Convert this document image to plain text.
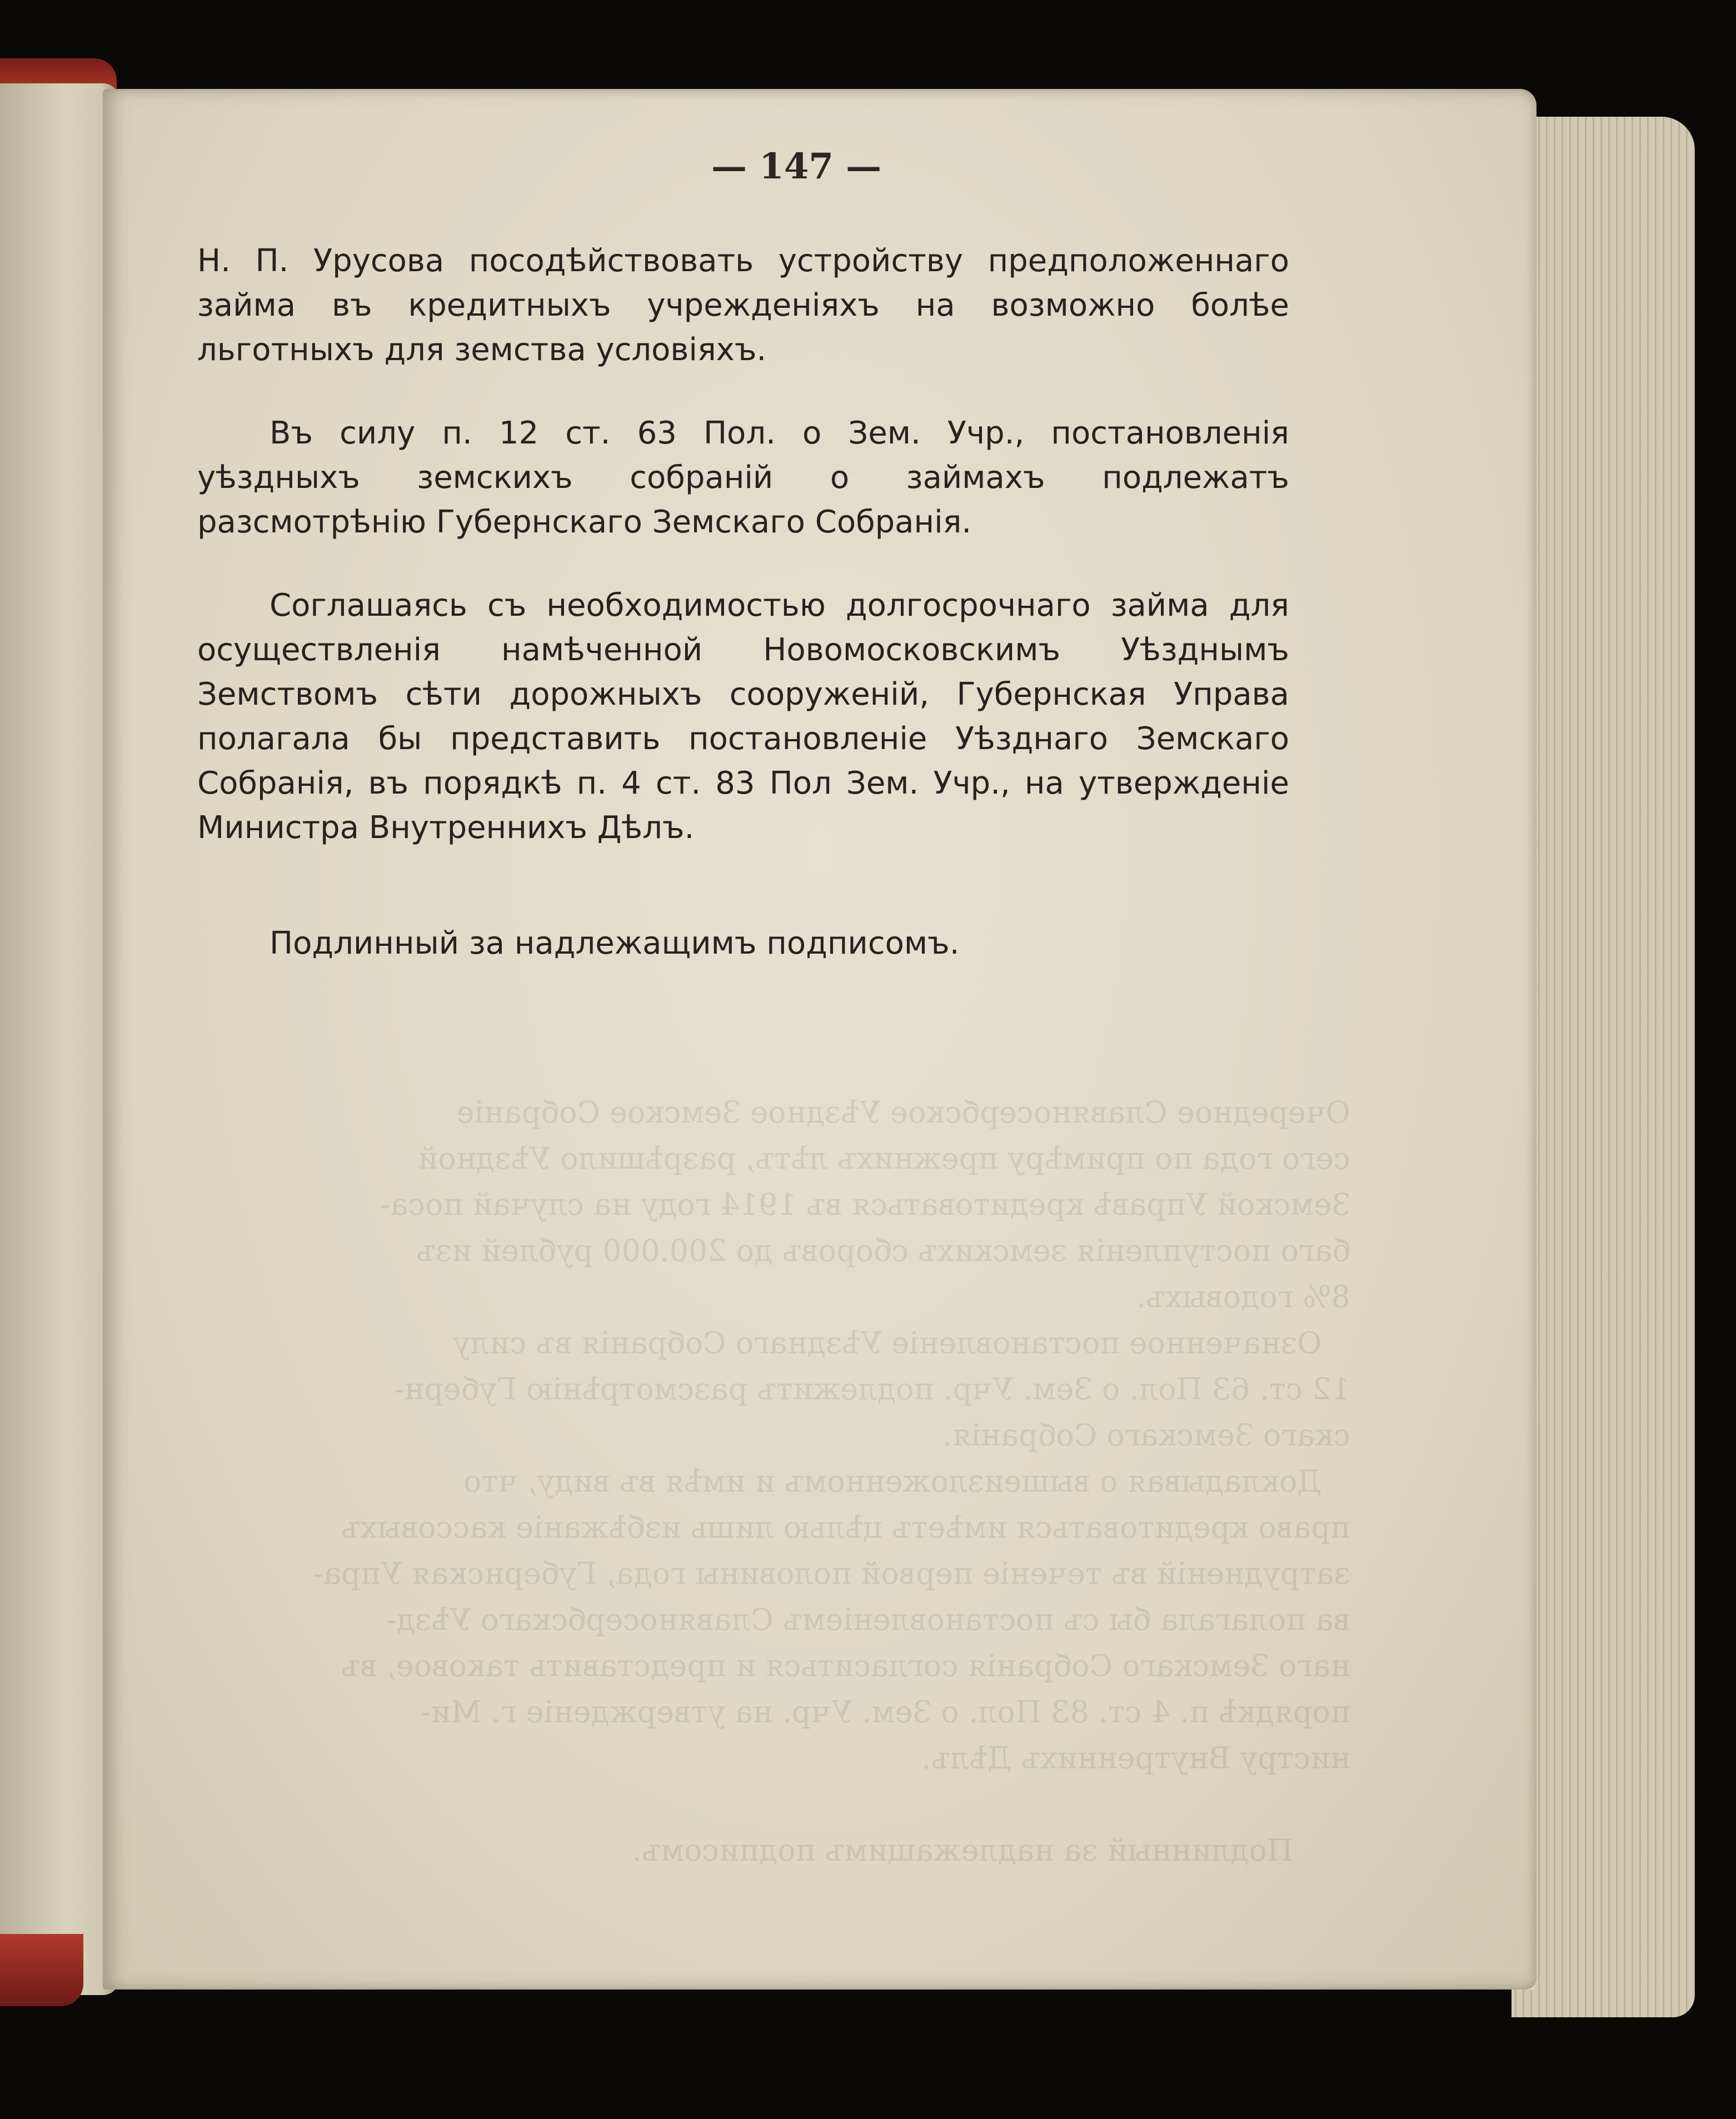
Очередное Славяносербское Уѣздное Земское Собранiе
сего года по примѣру прежнихъ лѣтъ, разрѣшило Уѣздной
Земской Управѣ кредитоваться въ 1914 году на случай поса-
баго поступленiя земскихъ сборовъ до 200.000 рублей изъ
8% годовыхъ.
Означенное постановленiе Уѣзднаго Собранiя въ силу
12 ст. 63 Пол. о Зем. Учр. подлежитъ разсмотрѣнiю Губерн-
скаго Земскаго Собранiя.
Докладывая о вышеизложенномъ и имѣя въ виду, что
право кредитоваться имѣетъ цѣлью лишь избѣжанiе кассовыхъ
затрудненiй въ теченiе первой половины года, Губернская Упра-
ва полагала бы съ постановленiемъ Славяносербскаго Уѣзд-
наго Земскаго Собранiя согласиться и представить таковое, въ
порядкѣ п. 4 ст. 83 Пол. о Зем. Учр. на утвержденiе г. Ми-
нистру Внутреннихъ Дѣлъ.

Подлинный за надлежащимъ подписомъ.
— 147 —

Н. П. Урусова посодѣйствовать устройству предположеннаго займа въ кредитныхъ учрежденiяхъ на возможно болѣе льготныхъ для земства условiяхъ.

Въ силу п. 12 ст. 63 Пол. о Зем. Учр., постановленiя уѣздныхъ земскихъ собранiй о займахъ подлежатъ разсмотрѣнiю Губернскаго Земскаго Собранiя.

Соглашаясь съ необходимостью долгосрочнаго займа для осуществленiя намѣченной Новомосковскимъ Уѣзднымъ Земствомъ сѣти дорожныхъ сооруженiй, Губернская Управа полагала бы представить постановленiе Уѣзднаго Земскаго Собранiя, въ порядкѣ п. 4 ст. 83 Пол Зем. Учр., на утвержденiе Министра Внутреннихъ Дѣлъ.

Подлинный за надлежащимъ подписомъ.
